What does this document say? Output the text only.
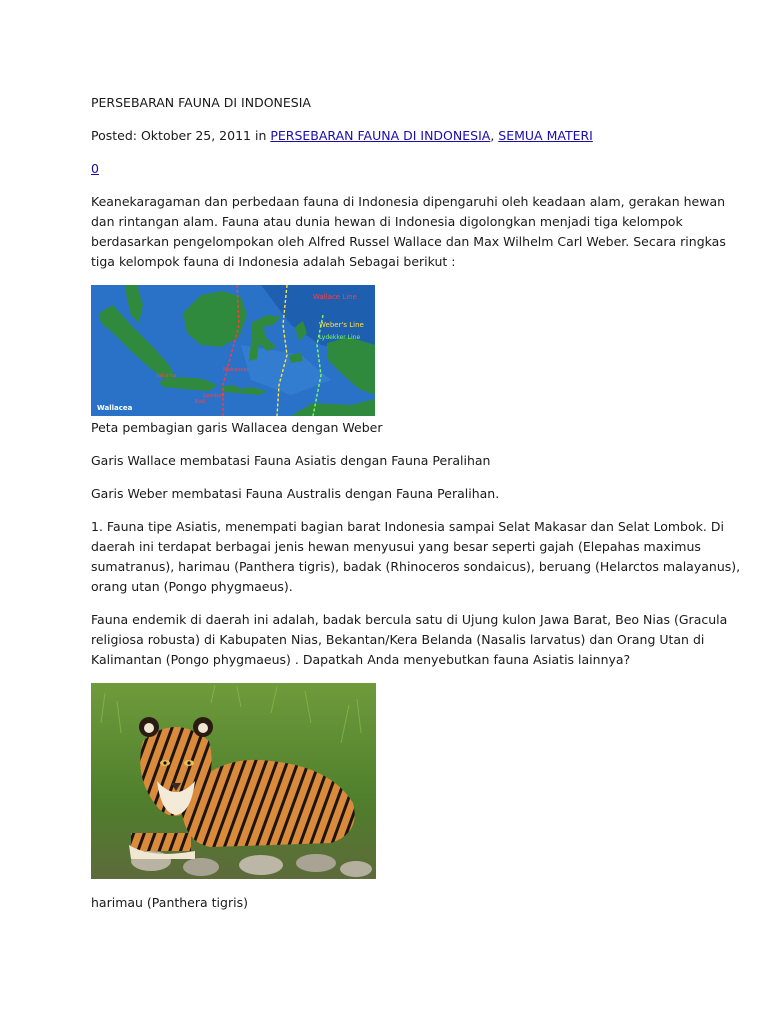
PERSEBARAN FAUNA DI INDONESIA
Posted: Oktober 25, 2011 in PERSEBARAN FAUNA DI INDONESIA, SEMUA MATERI
0
Keanekaragaman dan perbedaan fauna di Indonesia dipengaruhi oleh keadaan alam, gerakan hewan
dan rintangan alam. Fauna atau dunia hewan di Indonesia digolongkan menjadi tiga kelompok
berdasarkan pengelompokan oleh Alfred Russel Wallace dan Max Wilhelm Carl Weber. Secara ringkas
tiga kelompok fauna di Indonesia adalah Sebagai berikut :
Wallace Line
Weber's Line
Lydekker Line
Wallacea
Makassar
Lombok
Jakarta
Bali
Peta pembagian garis Wallacea dengan Weber
Garis Wallace membatasi Fauna Asiatis dengan Fauna Peralihan
Garis Weber membatasi Fauna Australis dengan Fauna Peralihan.
1. Fauna tipe Asiatis, menempati bagian barat Indonesia sampai Selat Makasar dan Selat Lombok. Di
daerah ini terdapat berbagai jenis hewan menyusui yang besar seperti gajah (Elepahas maximus
sumatranus), harimau (Panthera tigris), badak (Rhinoceros sondaicus), beruang (Helarctos malayanus),
orang utan (Pongo phygmaeus).
Fauna endemik di daerah ini adalah, badak bercula satu di Ujung kulon Jawa Barat, Beo Nias (Gracula
religiosa robusta) di Kabupaten Nias, Bekantan/Kera Belanda (Nasalis larvatus) dan Orang Utan di
Kalimantan (Pongo phygmaeus) . Dapatkah Anda menyebutkan fauna Asiatis lainnya?
harimau (Panthera tigris)
